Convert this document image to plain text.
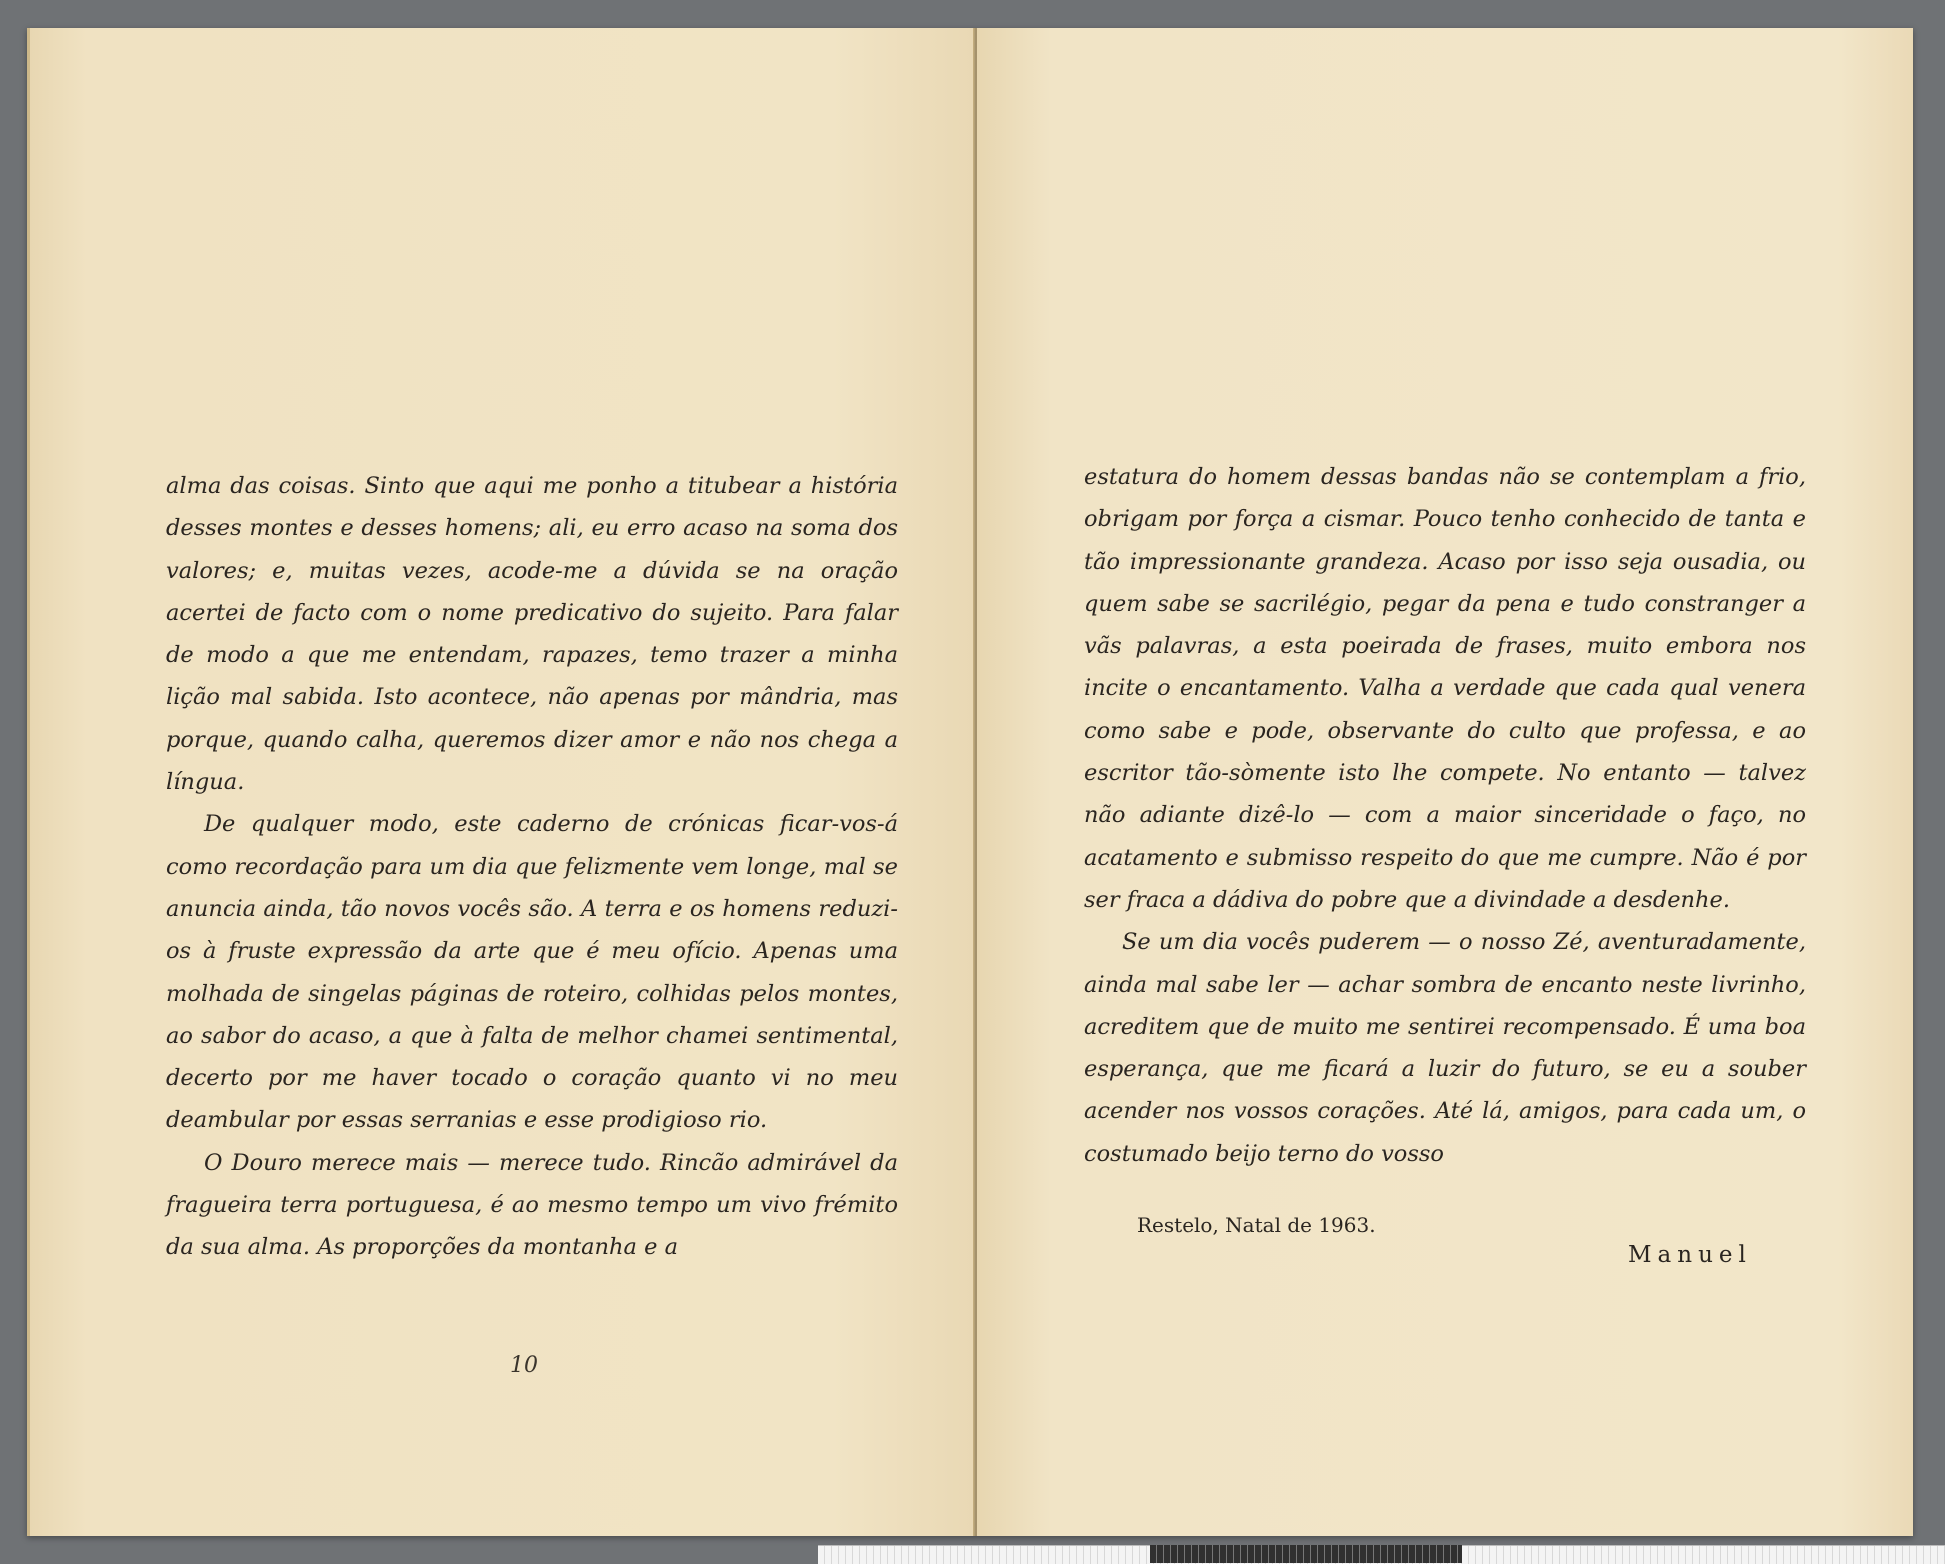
alma das coisas. Sinto que aqui me ponho a titubear a história desses montes e desses homens; ali, eu erro acaso na soma dos valores; e, muitas vezes, acode-me a dúvida se na oração acertei de facto com o nome predicativo do sujeito. Para falar de modo a que me entendam, rapazes, temo trazer a minha lição mal sabida. Isto acontece, não apenas por mândria, mas porque, quando calha, queremos dizer amor e não nos chega a língua.

De qualquer modo, este caderno de crónicas ficar-vos-á como recordação para um dia que felizmente vem longe, mal se anuncia ainda, tão novos vocês são. A terra e os homens reduzi-os à fruste expressão da arte que é meu ofício. Apenas uma molhada de singelas páginas de roteiro, colhidas pelos montes, ao sabor do acaso, a que à falta de melhor chamei sentimental, decerto por me haver tocado o coração quanto vi no meu deambular por essas serranias e esse prodigioso rio.

O Douro merece mais — merece tudo. Rincão admirável da fragueira terra portuguesa, é ao mesmo tempo um vivo frémito da sua alma. As proporções da montanha e a

10

estatura do homem dessas bandas não se contemplam a frio, obrigam por força a cismar. Pouco tenho conhecido de tanta e tão impressionante grandeza. Acaso por isso seja ousadia, ou quem sabe se sacrilégio, pegar da pena e tudo constranger a vãs palavras, a esta poeirada de frases, muito embora nos incite o encantamento. Valha a verdade que cada qual venera como sabe e pode, observante do culto que professa, e ao escritor tão-sòmente isto lhe compete. No entanto — talvez não adiante dizê-lo — com a maior sinceridade o faço, no acatamento e submisso respeito do que me cumpre. Não é por ser fraca a dádiva do pobre que a divindade a desdenhe.

Se um dia vocês puderem — o nosso Zé, aventuradamente, ainda mal sabe ler — achar sombra de encanto neste livrinho, acreditem que de muito me sentirei recompensado. É uma boa esperança, que me ficará a luzir do futuro, se eu a souber acender nos vossos corações. Até lá, amigos, para cada um, o costumado beijo terno do vosso

Restelo, Natal de 1963.
Manuel
